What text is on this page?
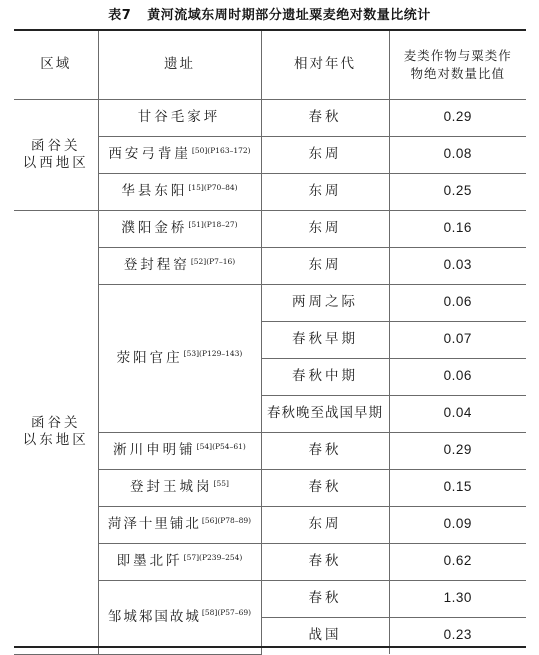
表7 黄河流域东周时期部分遗址粟麦绝对数量比统计
区域	遗址	相对年代	麦类作物与粟类作
物绝对数量比值
函谷关
以西地区	甘谷毛家坪	春秋	0.29
	西安弓背崖$^{[50](P163-172)}$	东周	0.08
	华县东阳$^{[15](P70-84)}$	东周	0.25
函谷关
以东地区	濮阳金桥$^{[51](P18-27)}$	东周	0.16
	登封程窑$^{[52](P7-16)}$	东周	0.03
	荥阳官庄$^{[53](P129-143)}$	两周之际	0.06
		春秋早期	0.07
		春秋中期	0.06
		春秋晚至战国早期	0.04
	淅川申明铺$^{[54](P54-61)}$	春秋	0.29
	登封王城岗[55]	春秋	0.15
	菏泽十里铺北$^{[56](P78-89)}$	东周	0.09
	即墨北阡$^{[57](P239-254)}$	春秋	0.62
	邹城邾国故城$^{[58](P57-69)}$	春秋	1.30
		战国	0.23
